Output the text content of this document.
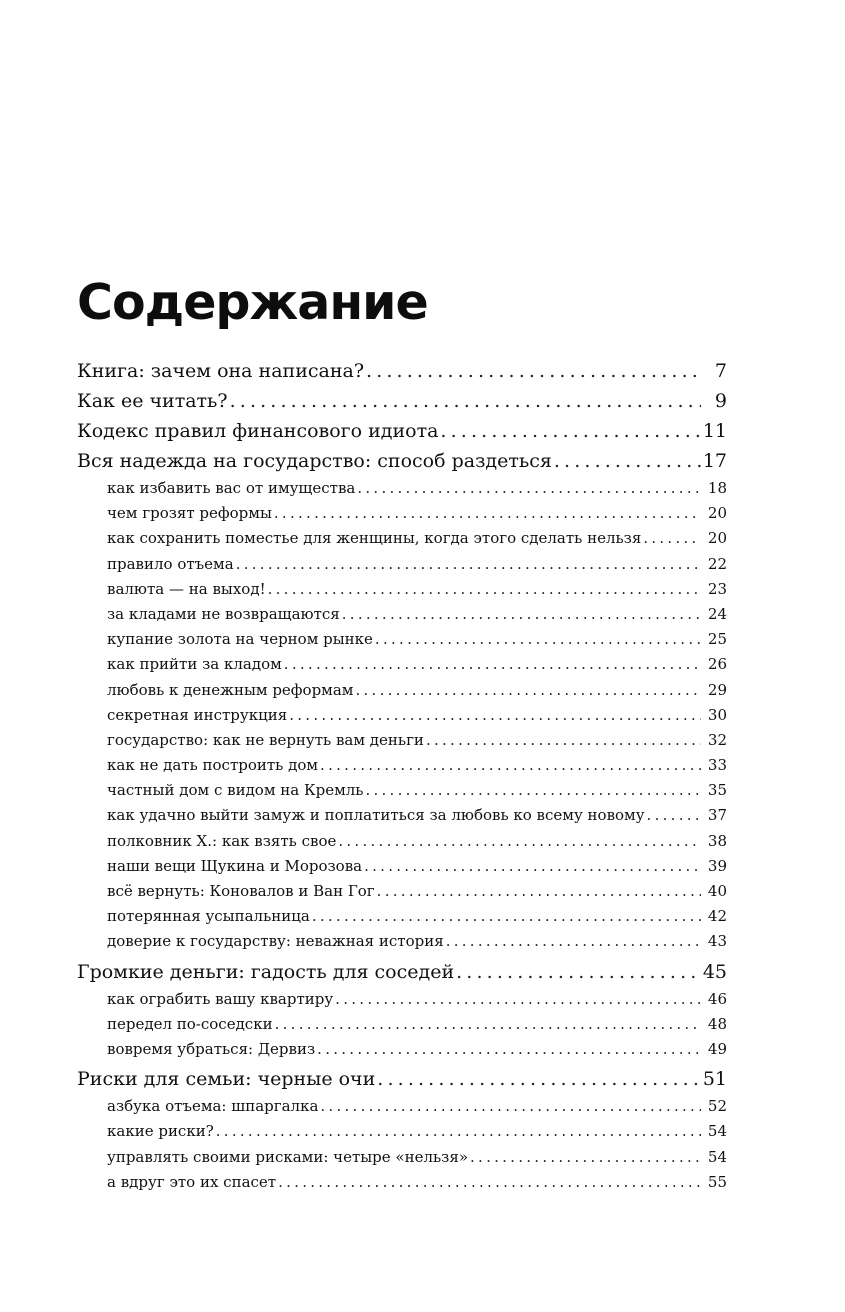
Содержание
Книга: зачем она написана? . . .	7
Как ее читать? . . .	9
Кодекс правил финансового идиота . . .	11
Вся надежда на государство: способ раздеться . . .	17
как избавить вас от имущества . . .	18
чем грозят реформы . . .	20
как сохранить поместье для женщины, когда этого сделать нельзя . . .	20
правило отъема . . .	22
валюта — на выход! . . .	23
за кладами не возвращаются . . .	24
купание золота на черном рынке . . .	25
как прийти за кладом . . .	26
любовь к денежным реформам . . .	29
секретная инструкция . . .	30
государство: как не вернуть вам деньги . . .	32
как не дать построить дом . . .	33
частный дом с видом на Кремль . . .	35
как удачно выйти замуж и поплатиться за любовь ко всему новому . . .	37
полковник Х.: как взять свое . . .	38
наши вещи Щукина и Морозова . . .	39
всё вернуть: Коновалов и Ван Гог . . .	40
потерянная усыпальница . . .	42
доверие к государству: неважная история . . .	43
Громкие деньги: гадость для соседей . . .	45
как ограбить вашу квартиру . . .	46
передел по-соседски . . .	48
вовремя убраться: Дервиз . . .	49
Риски для семьи: черные очи . . .	51
азбука отъема: шпаргалка . . .	52
какие риски? . . .	54
управлять своими рисками: четыре «нельзя» . . .	54
а вдруг это их спасет . . .	55
